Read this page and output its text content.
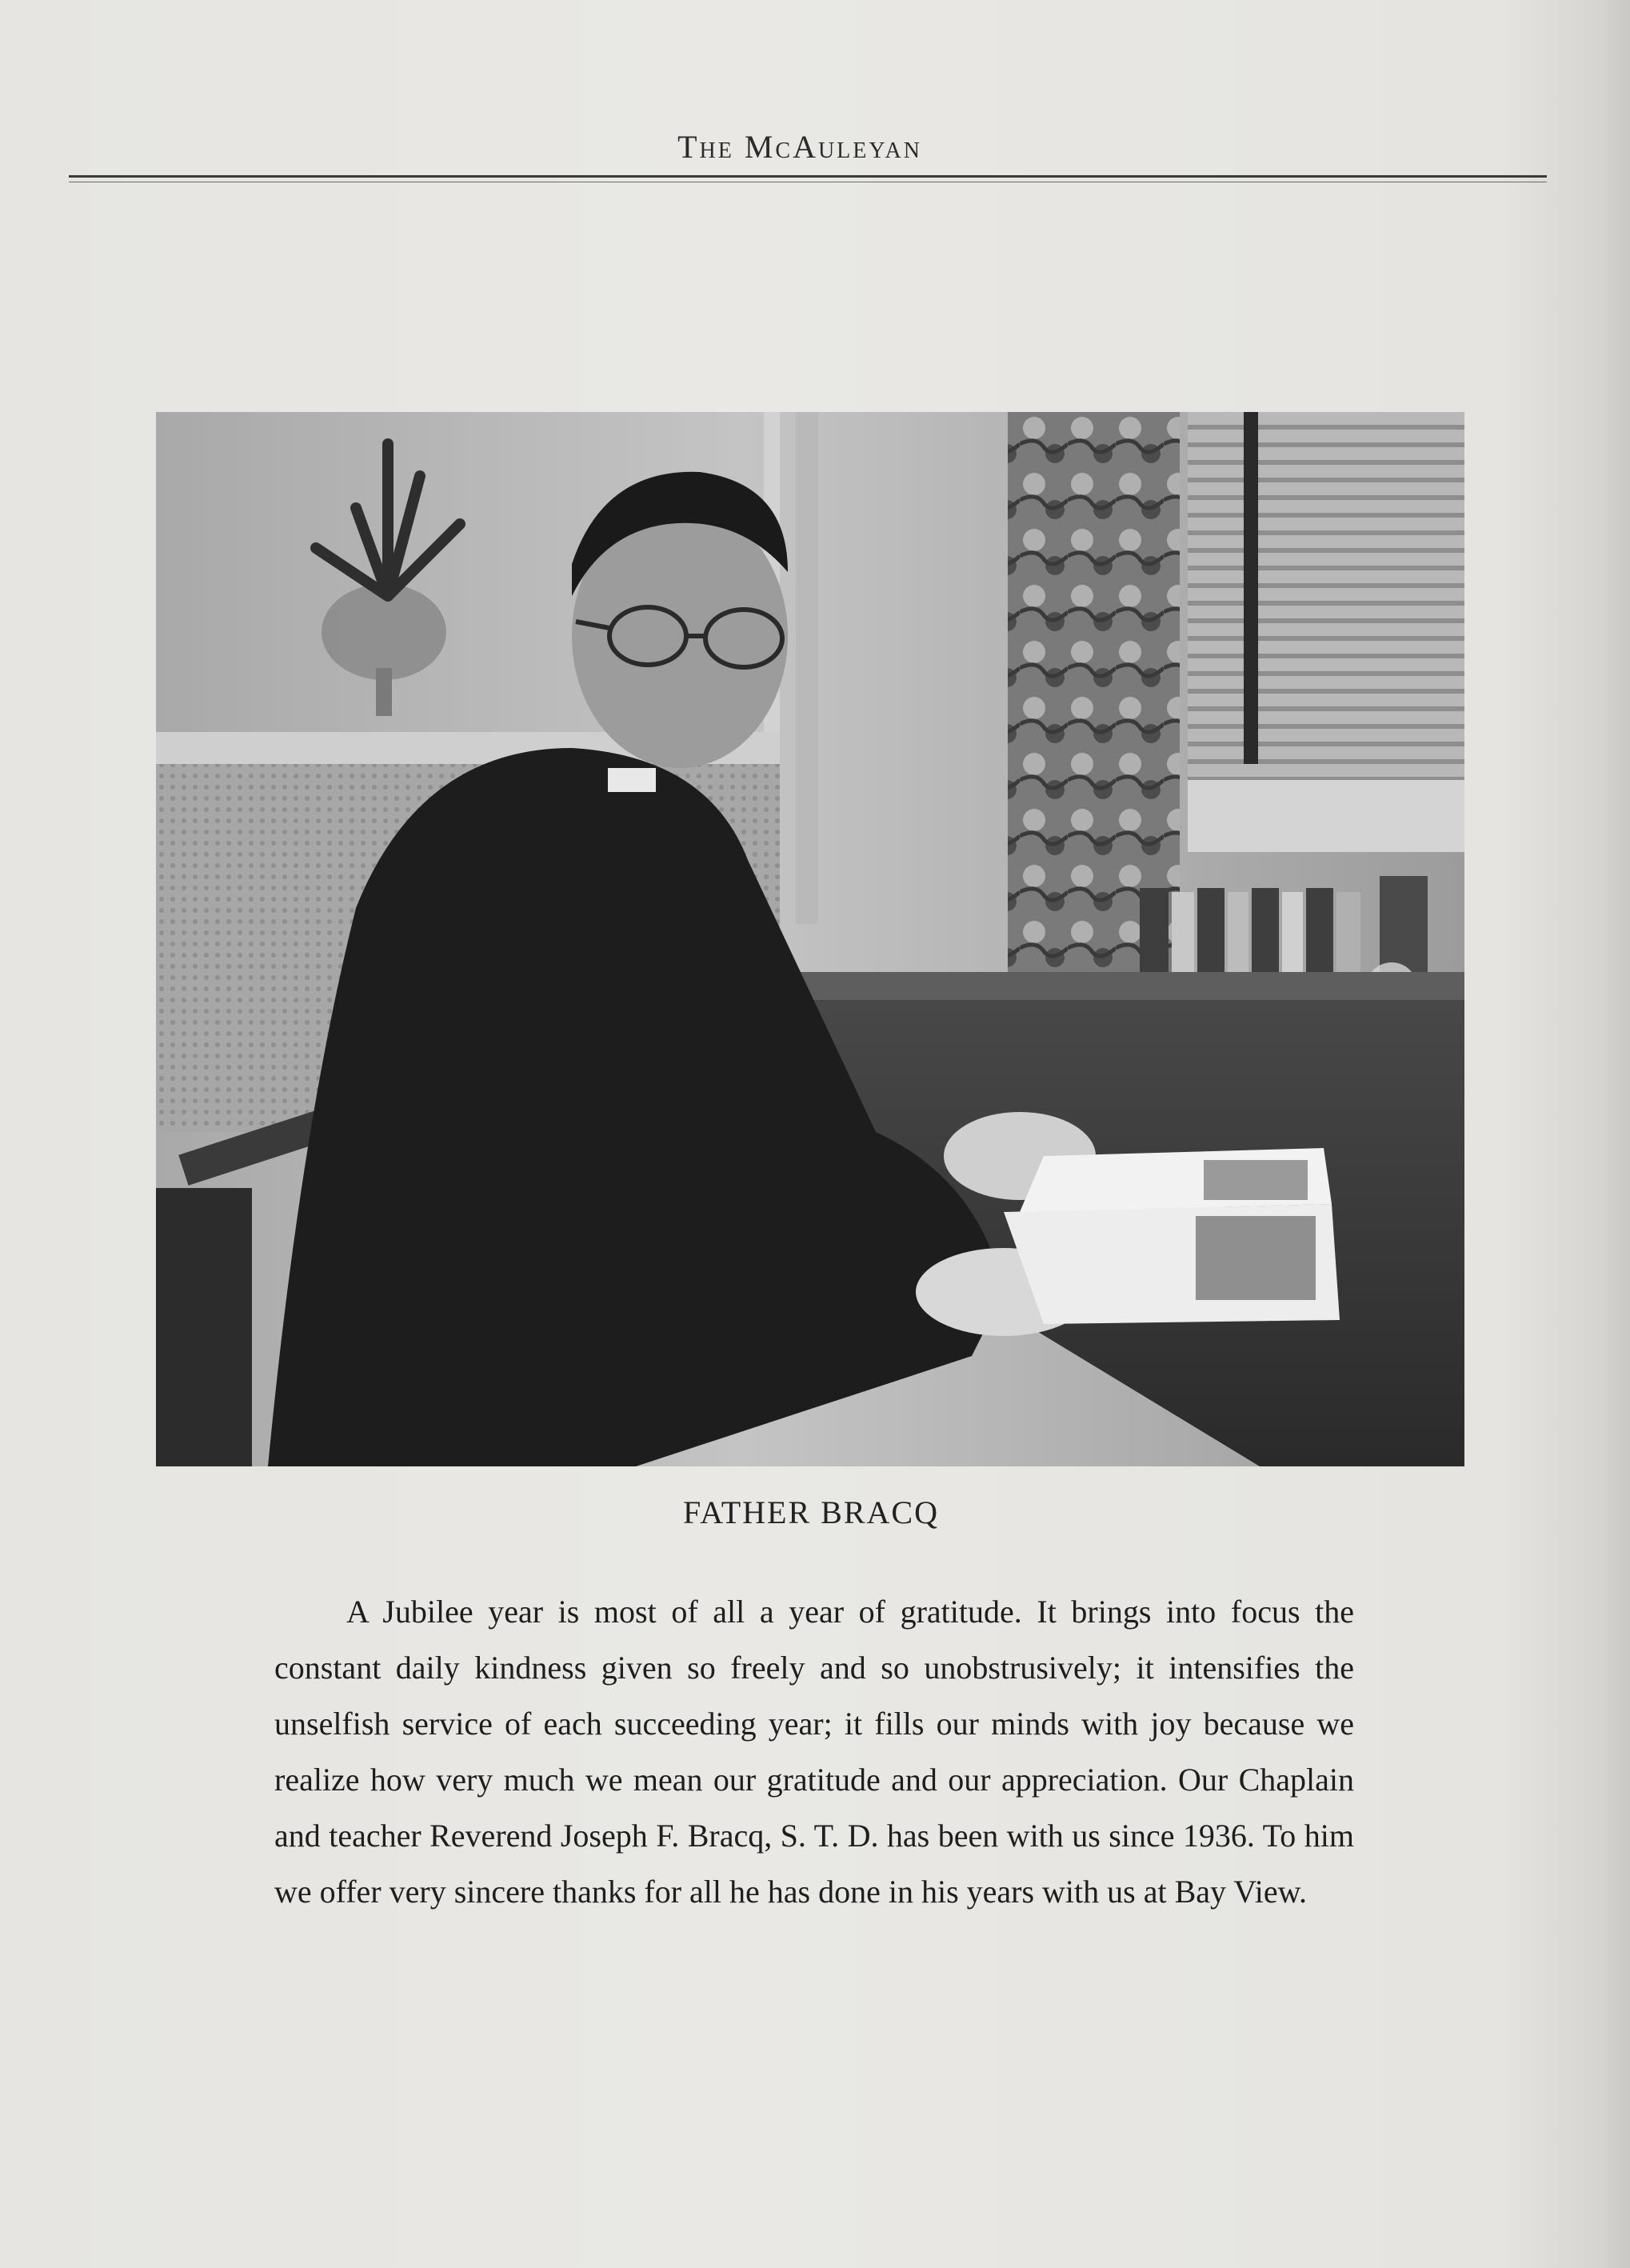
The McAuleyan
FATHER BRACQ

A Jubilee year is most of all a year of gratitude. It brings into focus the constant daily kindness given so freely and so unobstrusively; it intensifies the unselfish service of each succeeding year; it fills our minds with joy because we realize how very much we mean our gratitude and our appreciation. Our Chaplain and teacher Reverend Joseph F. Bracq, S. T. D. has been with us since 1936. To him we offer very sincere thanks for all he has done in his years with us at Bay View.
